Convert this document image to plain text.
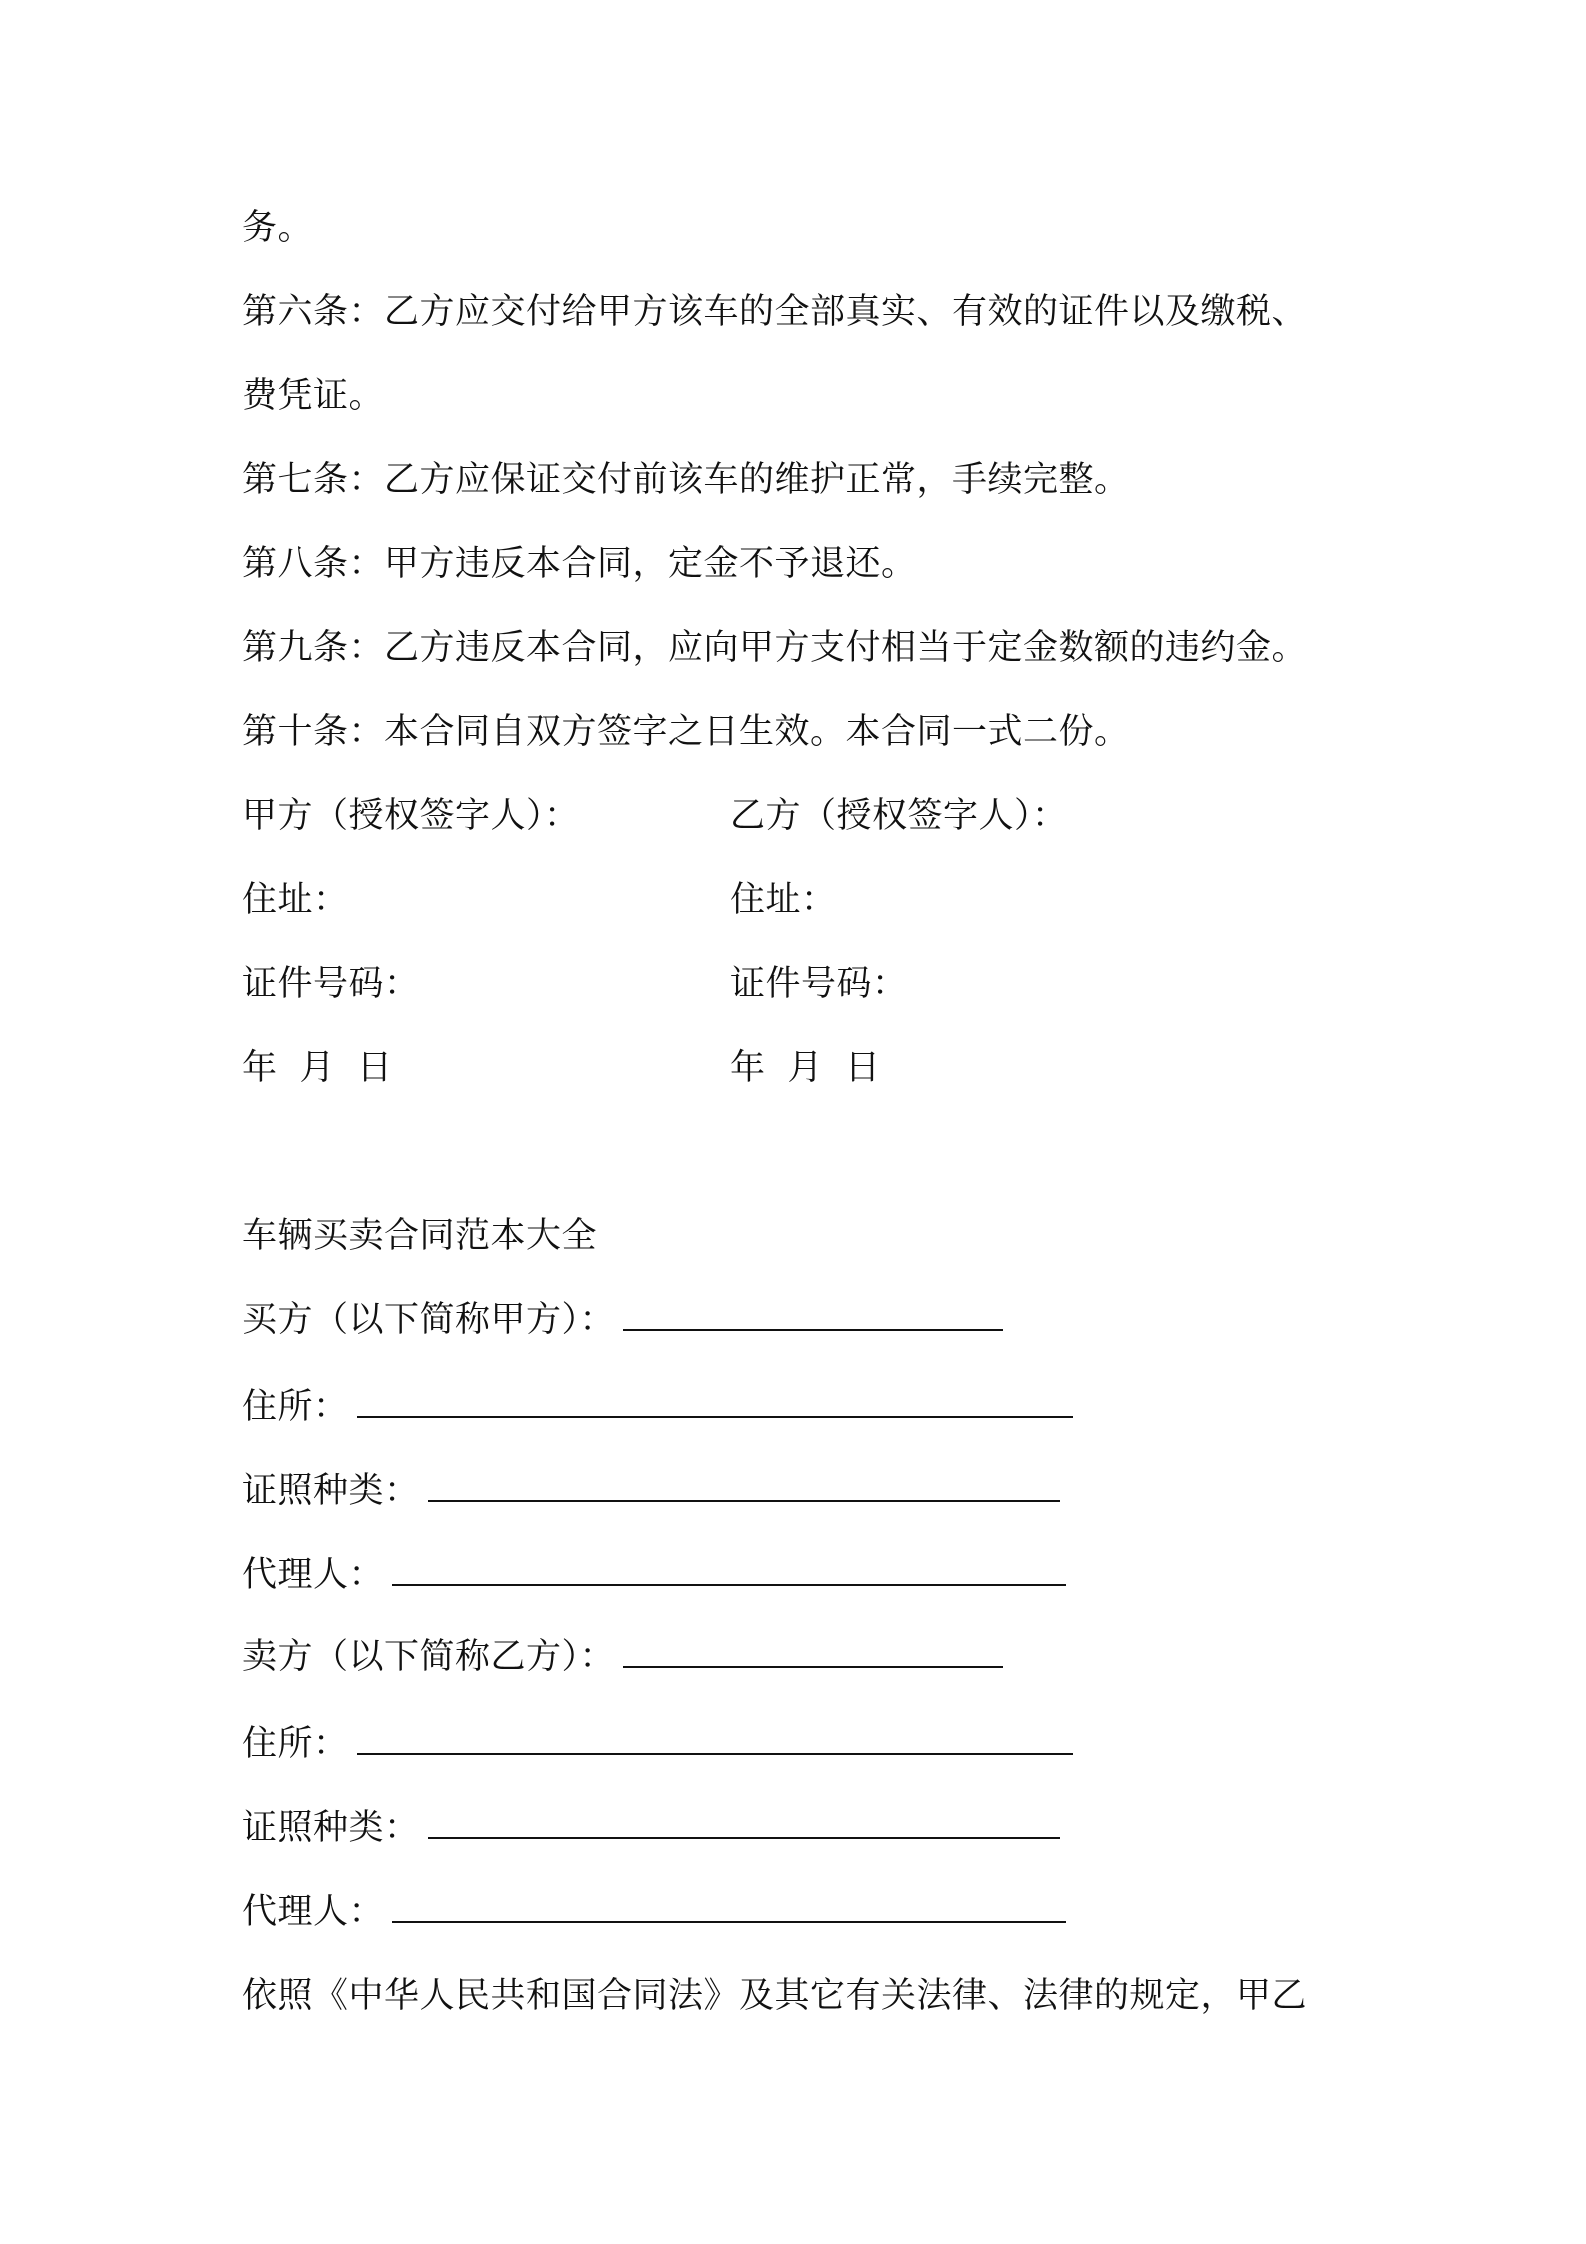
务。
第六条：乙方应交付给甲方该车的全部真实、有效的证件以及缴税、
费凭证。
第七条：乙方应保证交付前该车的维护正常，手续完整。
第八条：甲方违反本合同，定金不予退还。
第九条：乙方违反本合同，应向甲方支付相当于定金数额的违约金。
第十条：本合同自双方签字之日生效。本合同一式二份。
甲方（授权签字人）：	乙方（授权签字人）：
住址：	住址：
证件号码：	证件号码：
年 月 日	年 月 日
车辆买卖合同范本大全
买方（以下简称甲方）：
住所：
证照种类：
代理人：
卖方（以下简称乙方）：
住所：
证照种类：
代理人：
依照《中华人民共和国合同法》及其它有关法律、法律的规定，甲乙
